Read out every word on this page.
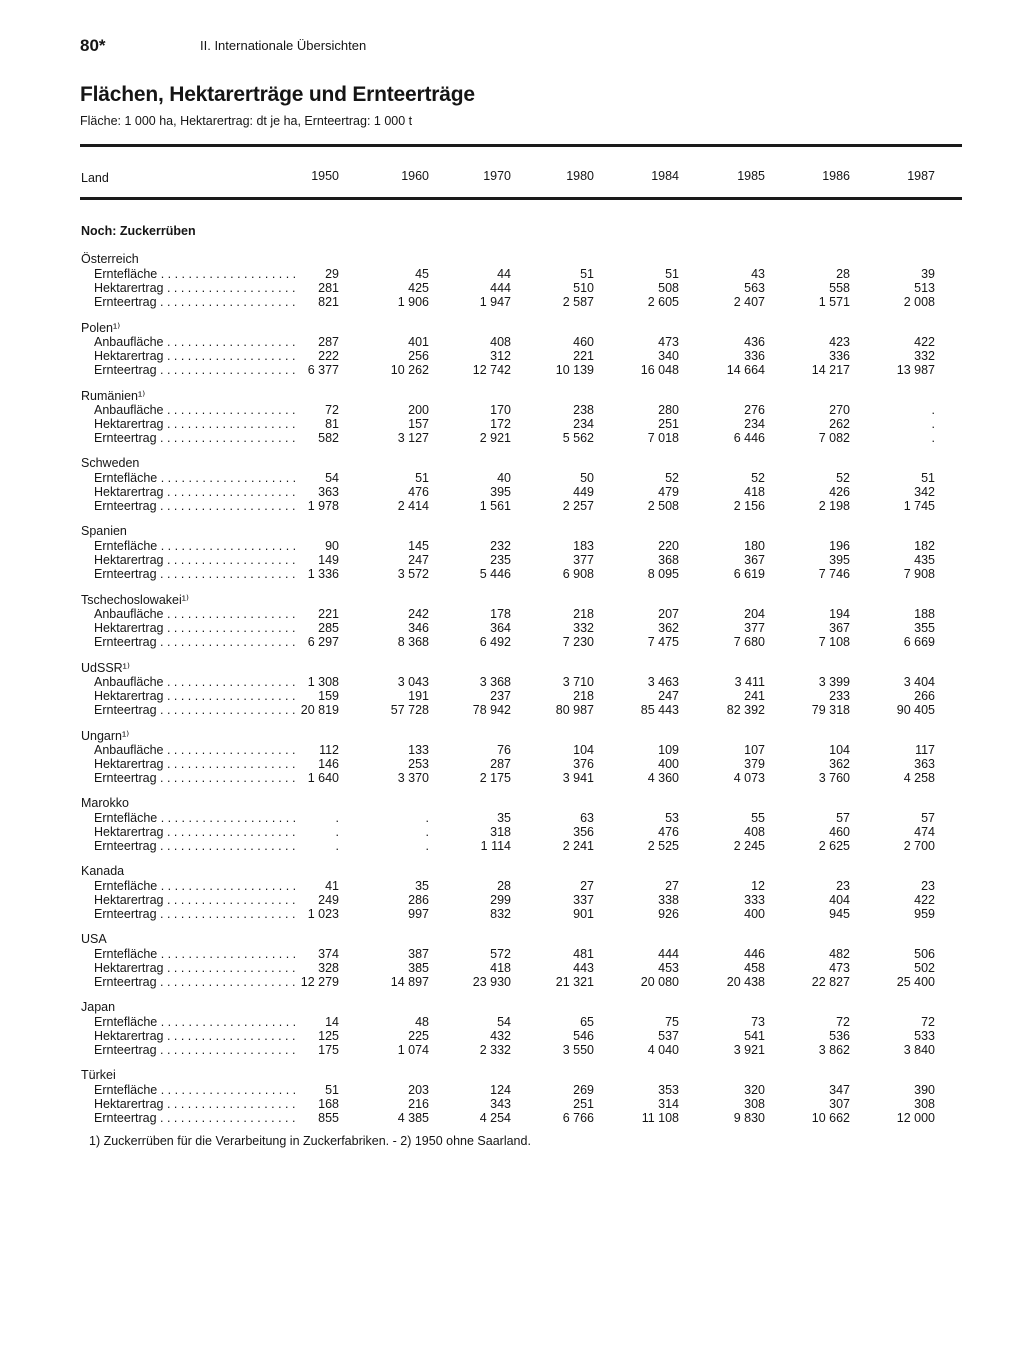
80*	II. Internationale Übersichten
Flächen, Hektarerträge und Ernteerträge
Fläche: 1 000 ha, Hektarertrag: dt je ha, Ernteertrag: 1 000 t
Land	1950	1960	1970	1980	1984	1985	1986	1987
Noch: Zuckerrüben
Österreich
Erntefläche . . .	29	45	44	51	51	43	28	39
Hektarertrag . . .	281	425	444	510	508	563	558	513
Ernteertrag . . .	821	1 906	1 947	2 587	2 605	2 407	1 571	2 008
Polen¹⁾
Anbaufläche . . .	287	401	408	460	473	436	423	422
Hektarertrag . . .	222	256	312	221	340	336	336	332
Ernteertrag . . .	6 377	10 262	12 742	10 139	16 048	14 664	14 217	13 987
Rumänien¹⁾
Anbaufläche . . .	72	200	170	238	280	276	270	.
Hektarertrag . . .	81	157	172	234	251	234	262	.
Ernteertrag . . .	582	3 127	2 921	5 562	7 018	6 446	7 082	.
Schweden
Erntefläche . . .	54	51	40	50	52	52	52	51
Hektarertrag . . .	363	476	395	449	479	418	426	342
Ernteertrag . . .	1 978	2 414	1 561	2 257	2 508	2 156	2 198	1 745
Spanien
Erntefläche . . .	90	145	232	183	220	180	196	182
Hektarertrag . . .	149	247	235	377	368	367	395	435
Ernteertrag . . .	1 336	3 572	5 446	6 908	8 095	6 619	7 746	7 908
Tschechoslowakei¹⁾
Anbaufläche . . .	221	242	178	218	207	204	194	188
Hektarertrag . . .	285	346	364	332	362	377	367	355
Ernteertrag . . .	6 297	8 368	6 492	7 230	7 475	7 680	7 108	6 669
UdSSR¹⁾
Anbaufläche . . .	1 308	3 043	3 368	3 710	3 463	3 411	3 399	3 404
Hektarertrag . . .	159	191	237	218	247	241	233	266
Ernteertrag . . .	20 819	57 728	78 942	80 987	85 443	82 392	79 318	90 405
Ungarn¹⁾
Anbaufläche . . .	112	133	76	104	109	107	104	117
Hektarertrag . . .	146	253	287	376	400	379	362	363
Ernteertrag . . .	1 640	3 370	2 175	3 941	4 360	4 073	3 760	4 258
Marokko
Erntefläche . . .	.	.	35	63	53	55	57	57
Hektarertrag . . .	.	.	318	356	476	408	460	474
Ernteertrag . . .	.	.	1 114	2 241	2 525	2 245	2 625	2 700
Kanada
Erntefläche . . .	41	35	28	27	27	12	23	23
Hektarertrag . . .	249	286	299	337	338	333	404	422
Ernteertrag . . .	1 023	997	832	901	926	400	945	959
USA
Erntefläche . . .	374	387	572	481	444	446	482	506
Hektarertrag . . .	328	385	418	443	453	458	473	502
Ernteertrag . . .	12 279	14 897	23 930	21 321	20 080	20 438	22 827	25 400
Japan
Erntefläche . . .	14	48	54	65	75	73	72	72
Hektarertrag . . .	125	225	432	546	537	541	536	533
Ernteertrag . . .	175	1 074	2 332	3 550	4 040	3 921	3 862	3 840
Türkei
Erntefläche . . .	51	203	124	269	353	320	347	390
Hektarertrag . . .	168	216	343	251	314	308	307	308
Ernteertrag . . .	855	4 385	4 254	6 766	11 108	9 830	10 662	12 000
1) Zuckerrüben für die Verarbeitung in Zuckerfabriken. - 2) 1950 ohne Saarland.
